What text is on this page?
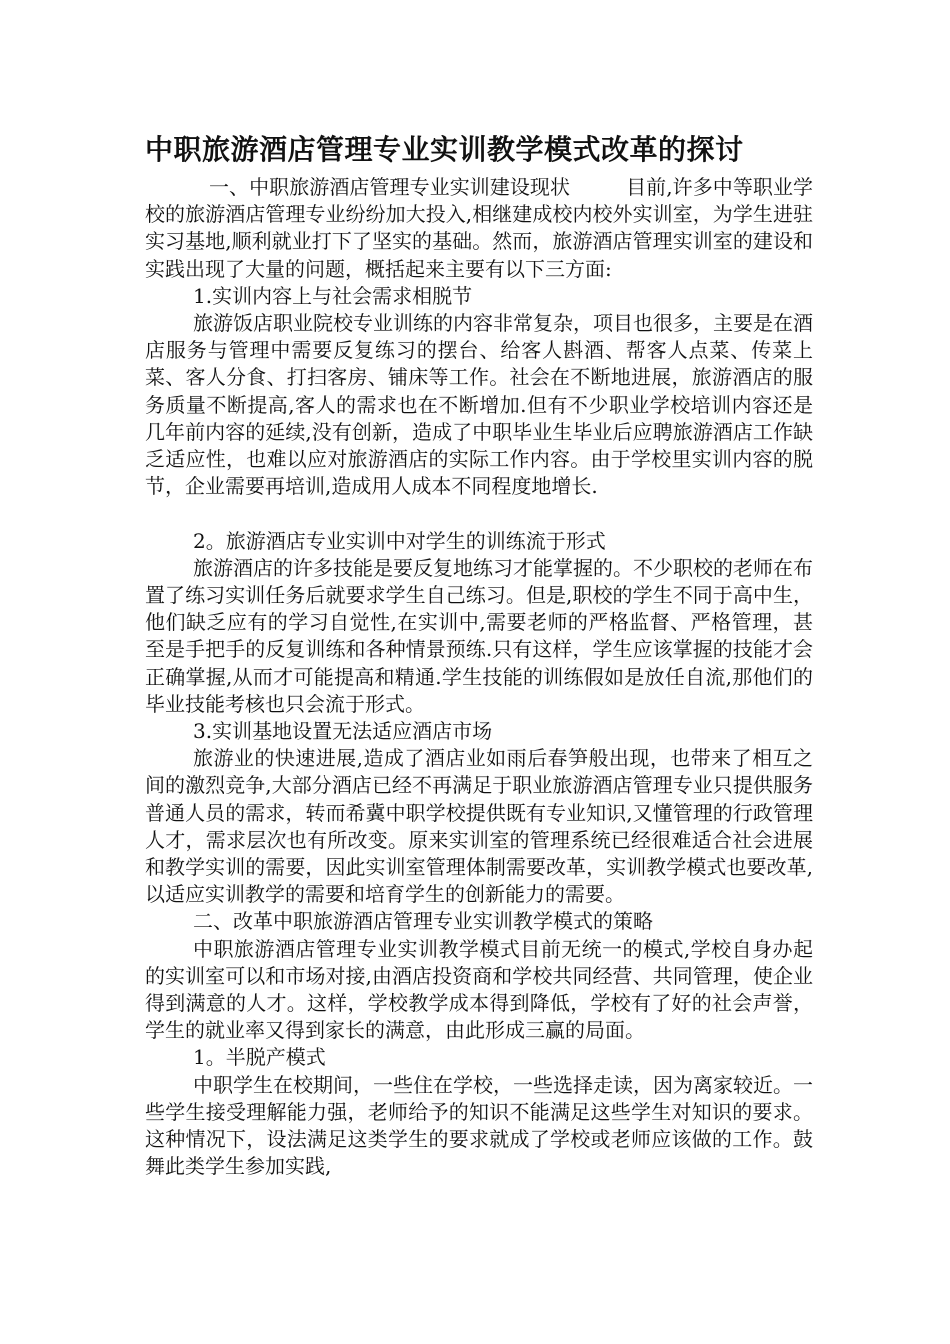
中职旅游酒店管理专业实训教学模式改革的探讨

一、中职旅游酒店管理专业实训建设现状	目前,许多中等职业学校的旅游酒店管理专业纷纷加大投入,相继建成校内校外实训室，为学生进驻实习基地,顺利就业打下了坚实的基础。然而，旅游酒店管理实训室的建设和实践出现了大量的问题，概括起来主要有以下三方面:

1.实训内容上与社会需求相脱节

旅游饭店职业院校专业训练的内容非常复杂，项目也很多，主要是在酒店服务与管理中需要反复练习的摆台、给客人斟酒、帮客人点菜、传菜上菜、客人分食、打扫客房、铺床等工作。社会在不断地进展，旅游酒店的服务质量不断提高,客人的需求也在不断增加.但有不少职业学校培训内容还是几年前内容的延续,没有创新，造成了中职毕业生毕业后应聘旅游酒店工作缺乏适应性，也难以应对旅游酒店的实际工作内容。由于学校里实训内容的脱节，企业需要再培训,造成用人成本不同程度地增长.

2。旅游酒店专业实训中对学生的训练流于形式

旅游酒店的许多技能是要反复地练习才能掌握的。不少职校的老师在布置了练习实训任务后就要求学生自己练习。但是,职校的学生不同于高中生，他们缺乏应有的学习自觉性,在实训中,需要老师的严格监督、严格管理，甚至是手把手的反复训练和各种情景预练.只有这样，学生应该掌握的技能才会正确掌握,从而才可能提高和精通.学生技能的训练假如是放任自流,那他们的毕业技能考核也只会流于形式。

3.实训基地设置无法适应酒店市场

旅游业的快速进展,造成了酒店业如雨后春笋般出现，也带来了相互之间的激烈竞争,大部分酒店已经不再满足于职业旅游酒店管理专业只提供服务普通人员的需求，转而希冀中职学校提供既有专业知识,又懂管理的行政管理人才，需求层次也有所改变。原来实训室的管理系统已经很难适合社会进展和教学实训的需要，因此实训室管理体制需要改革，实训教学模式也要改革,以适应实训教学的需要和培育学生的创新能力的需要。

二、改革中职旅游酒店管理专业实训教学模式的策略

中职旅游酒店管理专业实训教学模式目前无统一的模式,学校自身办起的实训室可以和市场对接,由酒店投资商和学校共同经营、共同管理，使企业得到满意的人才。这样，学校教学成本得到降低，学校有了好的社会声誉，学生的就业率又得到家长的满意，由此形成三赢的局面。

1。半脱产模式

中职学生在校期间，一些住在学校，一些选择走读，因为离家较近。一些学生接受理解能力强，老师给予的知识不能满足这些学生对知识的要求。这种情况下，设法满足这类学生的要求就成了学校或老师应该做的工作。鼓舞此类学生参加实践,
